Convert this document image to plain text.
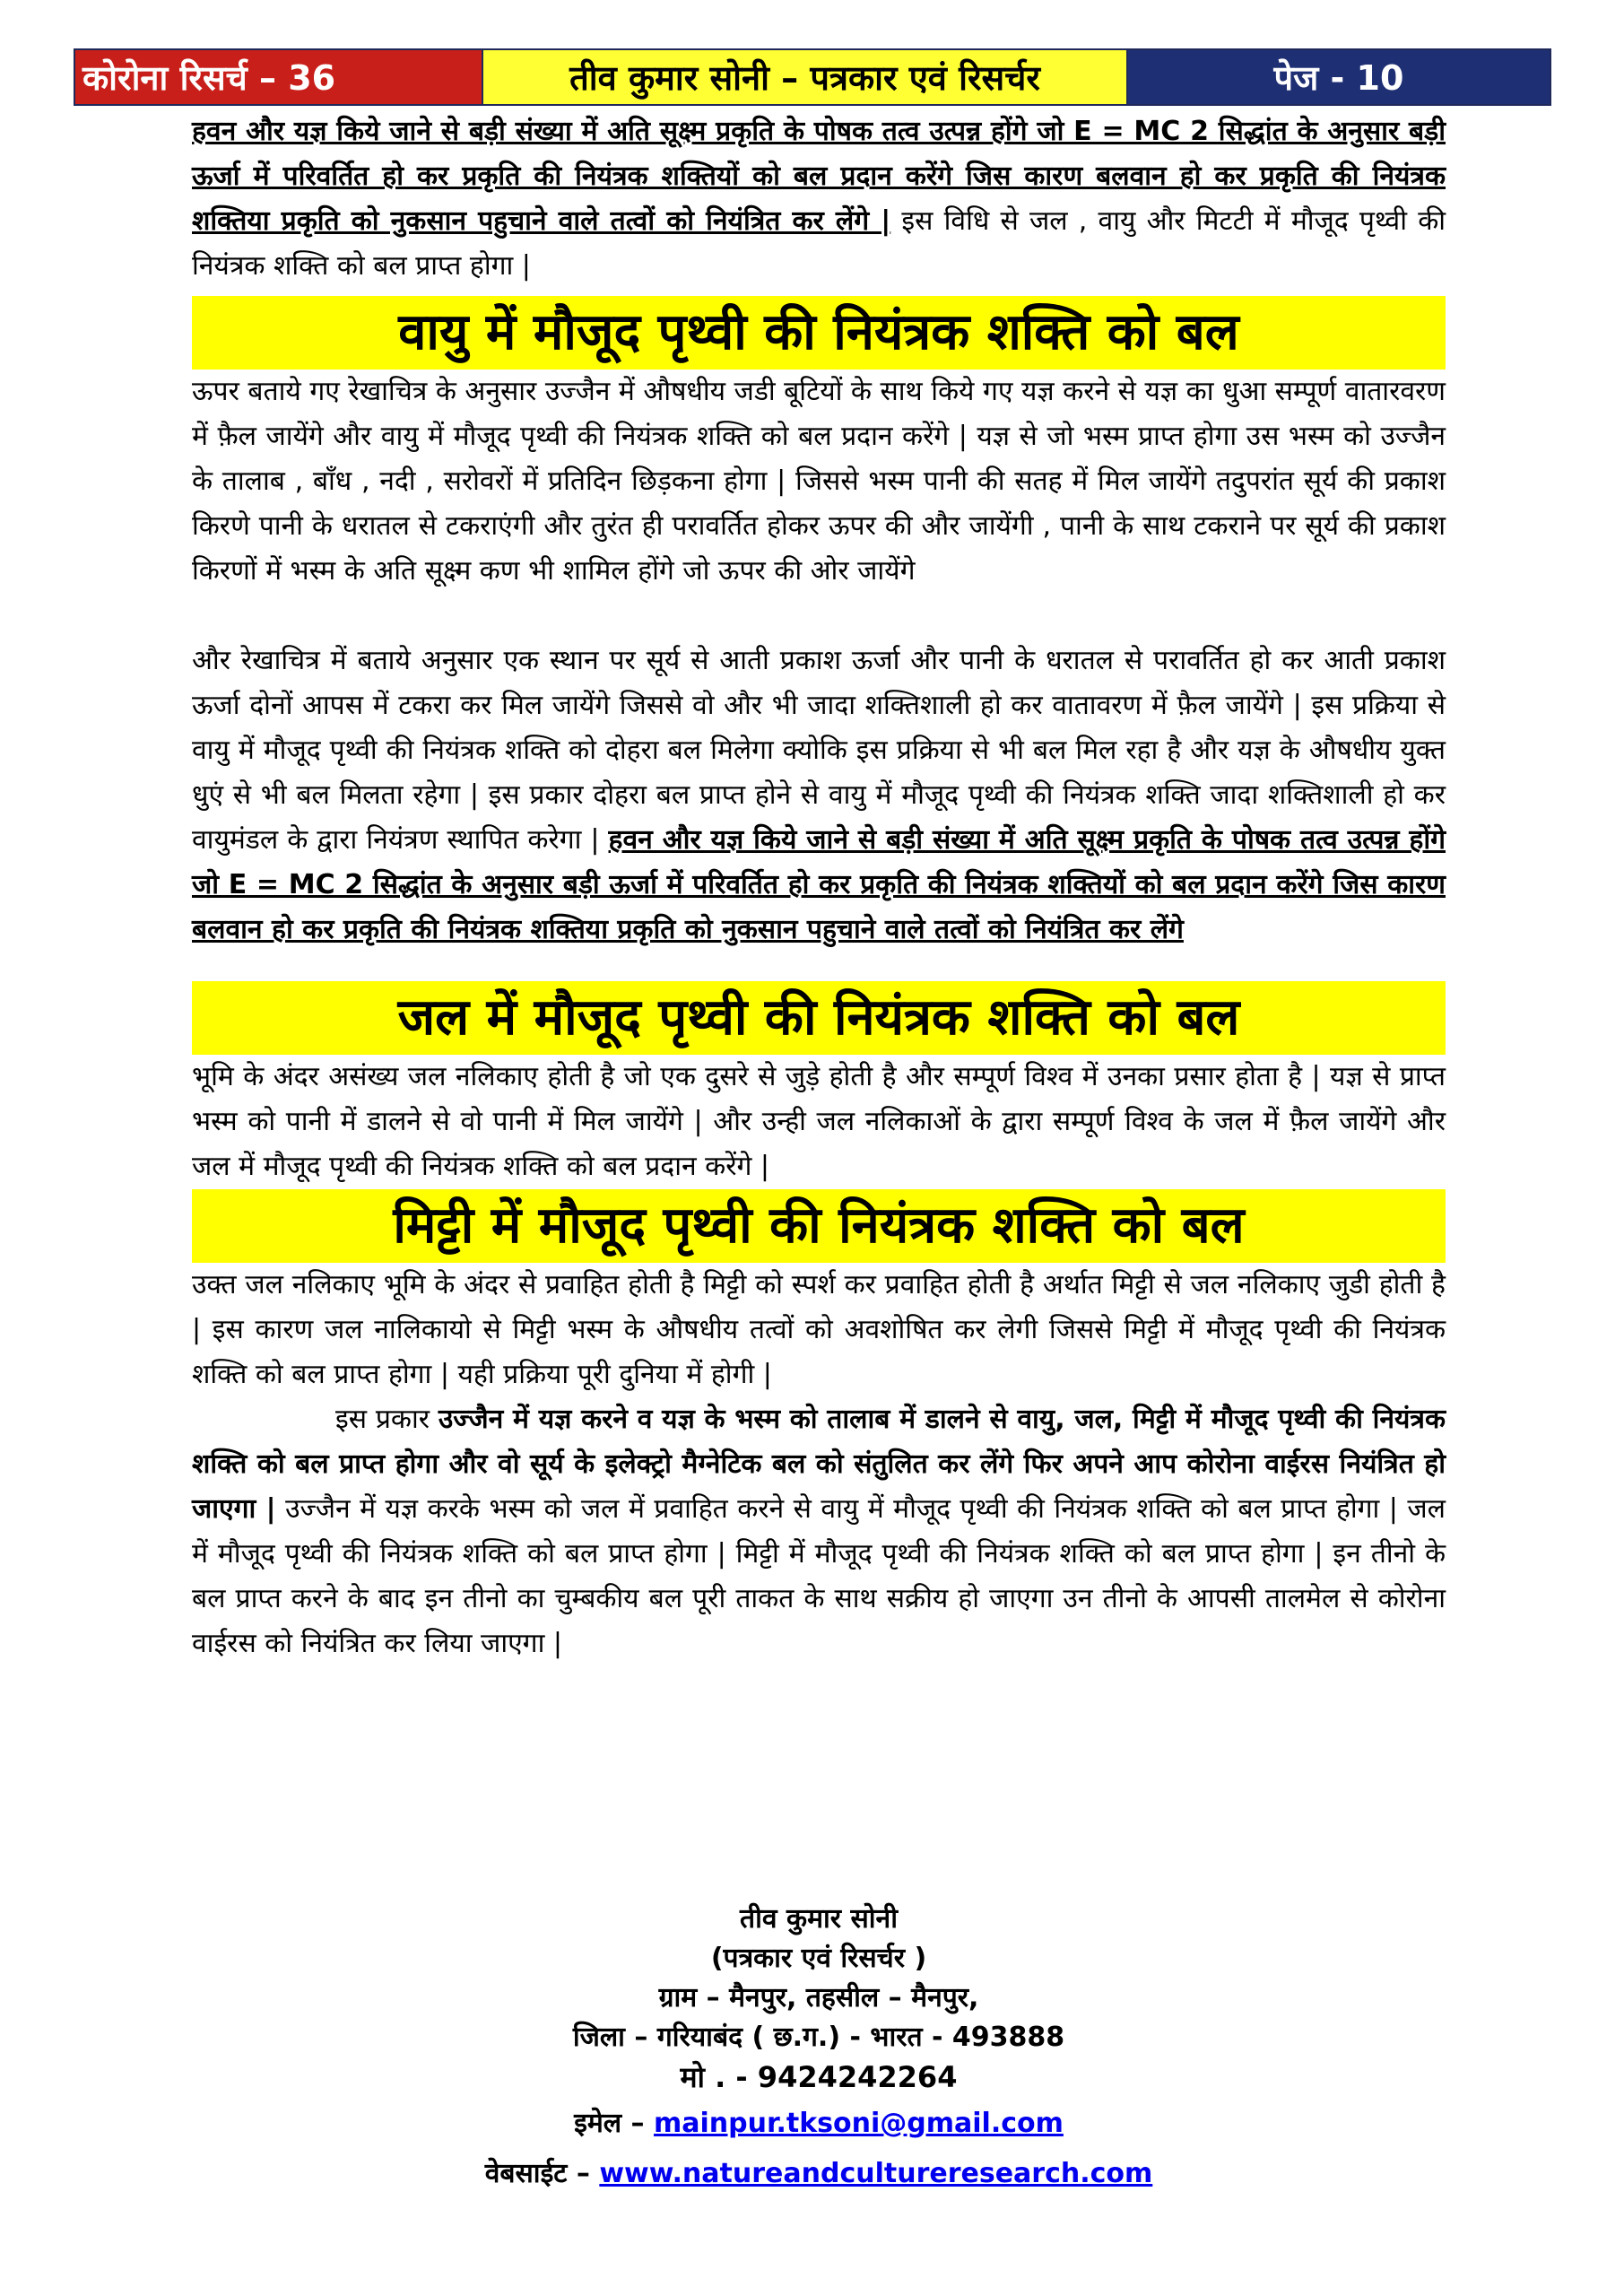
कोरोना रिसर्च – 36	तीव कुमार सोनी – पत्रकार एवं रिसर्चर	पेज - 10

हवन और यज्ञ किये जाने से बड़ी संख्या में अति सूक्ष्म प्रकृति के पोषक तत्व उत्पन्न होंगे जो E = MC 2 सिद्धांत के अनुसार बड़ी ऊर्जा में परिवर्तित हो कर प्रकृति की नियंत्रक शक्तियों को बल प्रदान करेंगे जिस कारण बलवान हो कर प्रकृति की नियंत्रक शक्तिया प्रकृति को नुकसान पहुचाने वाले तत्वों को नियंत्रित कर लेंगे | इस विधि से जल , वायु और मिटटी में मौजूद पृथ्वी की नियंत्रक शक्ति को बल प्राप्त होगा |

वायु में मौजूद पृथ्वी की नियंत्रक शक्ति को बल

ऊपर बताये गए रेखाचित्र के अनुसार उज्जैन में औषधीय जडी बूटियों के साथ किये गए यज्ञ करने से यज्ञ का धुआ सम्पूर्ण वातारवरण में फ़ैल जायेंगे और वायु में मौजूद पृथ्वी की नियंत्रक शक्ति को बल प्रदान करेंगे | यज्ञ से जो भस्म प्राप्त होगा उस भस्म को उज्जैन के तालाब , बाँध , नदी , सरोवरों में प्रतिदिन छिड़कना होगा | जिससे भस्म पानी की सतह में मिल जायेंगे तदुपरांत सूर्य की प्रकाश किरणे पानी के धरातल से टकराएंगी और तुरंत ही परावर्तित होकर ऊपर की और जायेंगी , पानी के साथ टकराने पर सूर्य की प्रकाश किरणों में भस्म के अति सूक्ष्म कण भी शामिल होंगे जो ऊपर की ओर जायेंगे

और रेखाचित्र में बताये अनुसार एक स्थान पर सूर्य से आती प्रकाश ऊर्जा और पानी के धरातल से परावर्तित हो कर आती प्रकाश ऊर्जा दोनों आपस में टकरा कर मिल जायेंगे जिससे वो और भी जादा शक्तिशाली हो कर वातावरण में फ़ैल जायेंगे | इस प्रक्रिया से वायु में मौजूद पृथ्वी की नियंत्रक शक्ति को दोहरा बल मिलेगा क्योकि इस प्रक्रिया से भी बल मिल रहा है और यज्ञ के औषधीय युक्त धुएं से भी बल मिलता रहेगा | इस प्रकार दोहरा बल प्राप्त होने से वायु में मौजूद पृथ्वी की नियंत्रक शक्ति जादा शक्तिशाली हो कर वायुमंडल के द्वारा नियंत्रण स्थापित करेगा | हवन और यज्ञ किये जाने से बड़ी संख्या में अति सूक्ष्म प्रकृति के पोषक तत्व उत्पन्न होंगे जो E = MC 2 सिद्धांत के अनुसार बड़ी ऊर्जा में परिवर्तित हो कर प्रकृति की नियंत्रक शक्तियों को बल प्रदान करेंगे जिस कारण बलवान हो कर प्रकृति की नियंत्रक शक्तिया प्रकृति को नुकसान पहुचाने वाले तत्वों को नियंत्रित कर लेंगे

जल में मौजूद पृथ्वी की नियंत्रक शक्ति को बल

भूमि के अंदर असंख्य जल नलिकाए होती है जो एक दुसरे से जुड़े होती है और सम्पूर्ण विश्व में उनका प्रसार होता है | यज्ञ से प्राप्त भस्म को पानी में डालने से वो पानी में मिल जायेंगे | और उन्ही जल नलिकाओं के द्वारा सम्पूर्ण विश्व के जल में फ़ैल जायेंगे और जल में मौजूद पृथ्वी की नियंत्रक शक्ति को बल प्रदान करेंगे |

मिट्टी में मौजूद पृथ्वी की नियंत्रक शक्ति को बल

उक्त जल नलिकाए भूमि के अंदर से प्रवाहित होती है मिट्टी को स्पर्श कर प्रवाहित होती है अर्थात मिट्टी से जल नलिकाए जुडी होती है | इस कारण जल नालिकायो से मिट्टी भस्म के औषधीय तत्वों को अवशोषित कर लेगी जिससे मिट्टी में मौजूद पृथ्वी की नियंत्रक शक्ति को बल प्राप्त होगा | यही प्रक्रिया पूरी दुनिया में होगी |

इस प्रकार उज्जैन में यज्ञ करने व यज्ञ के भस्म को तालाब में डालने से वायु, जल, मिट्टी में मौजूद पृथ्वी की नियंत्रक शक्ति को बल प्राप्त होगा और वो सूर्य के इलेक्ट्रो मैग्नेटिक बल को संतुलित कर लेंगे फिर अपने आप कोरोना वाईरस नियंत्रित हो जाएगा | उज्जैन में यज्ञ करके भस्म को जल में प्रवाहित करने से वायु में मौजूद पृथ्वी की नियंत्रक शक्ति को बल प्राप्त होगा | जल में मौजूद पृथ्वी की नियंत्रक शक्ति को बल प्राप्त होगा | मिट्टी में मौजूद पृथ्वी की नियंत्रक शक्ति को बल प्राप्त होगा | इन तीनो के बल प्राप्त करने के बाद इन तीनो का चुम्बकीय बल पूरी ताकत के साथ सक्रीय हो जाएगा उन तीनो के आपसी तालमेल से कोरोना वाईरस को नियंत्रित कर लिया जाएगा |

तीव कुमार सोनी
(पत्रकार एवं रिसर्चर )
ग्राम – मैनपुर, तहसील – मैनपुर,
जिला – गरियाबंद ( छ.ग.) - भारत - 493888
मो . - 9424242264
इमेल – mainpur.tksoni@gmail.com
वेबसाईट – www.natureandcultureresearch.com
